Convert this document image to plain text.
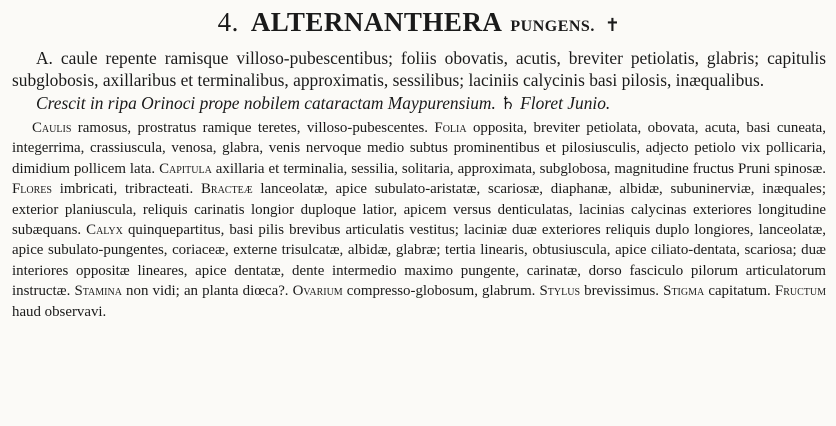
4. ALTERNANTHERA PUNGENS. ✝

A. caule repente ramisque villoso-pubescentibus; foliis obovatis, acutis, breviter petiolatis, glabris; capitulis subglobosis, axillaribus et terminalibus, approximatis, sessilibus; laciniis calycinis basi pilosis, inæqualibus.

Crescit in ripa Orinoci prope nobilem cataractam Maypurensium. ♄ Floret Junio.

Caulis ramosus, prostratus ramique teretes, villoso-pubescentes. Folia opposita, breviter petiolata, obovata, acuta, basi cuneata, integerrima, crassiuscula, venosa, glabra, venis nervoque medio subtus prominentibus et pilosiusculis, adjecto petiolo vix pollicaria, dimidium pollicem lata. Capitula axillaria et terminalia, sessilia, solitaria, approximata, subglobosa, magnitudine fructus Pruni spinosæ. Flores imbricati, tribracteati. Bracteæ lanceolatæ, apice subulato-aristatæ, scariosæ, diaphanæ, albidæ, subuninerviæ, inæquales; exterior planiuscula, reliquis carinatis longior duploque latior, apicem versus denticulatas, lacinias calycinas exteriores longitudine subæquans. Calyx quinquepartitus, basi pilis brevibus articulatis vestitus; laciniæ duæ exteriores reliquis duplo longiores, lanceolatæ, apice subulato-pungentes, coriaceæ, externe trisulcatæ, albidæ, glabræ; tertia linearis, obtusiuscula, apice ciliato-dentata, scariosa; duæ interiores oppositæ lineares, apice dentatæ, dente intermedio maximo pungente, carinatæ, dorso fasciculo pilorum articulatorum instructæ. Stamina non vidi; an planta diœca?. Ovarium compresso-globosum, glabrum. Stylus brevissimus. Stigma capitatum. Fructum haud observavi.
